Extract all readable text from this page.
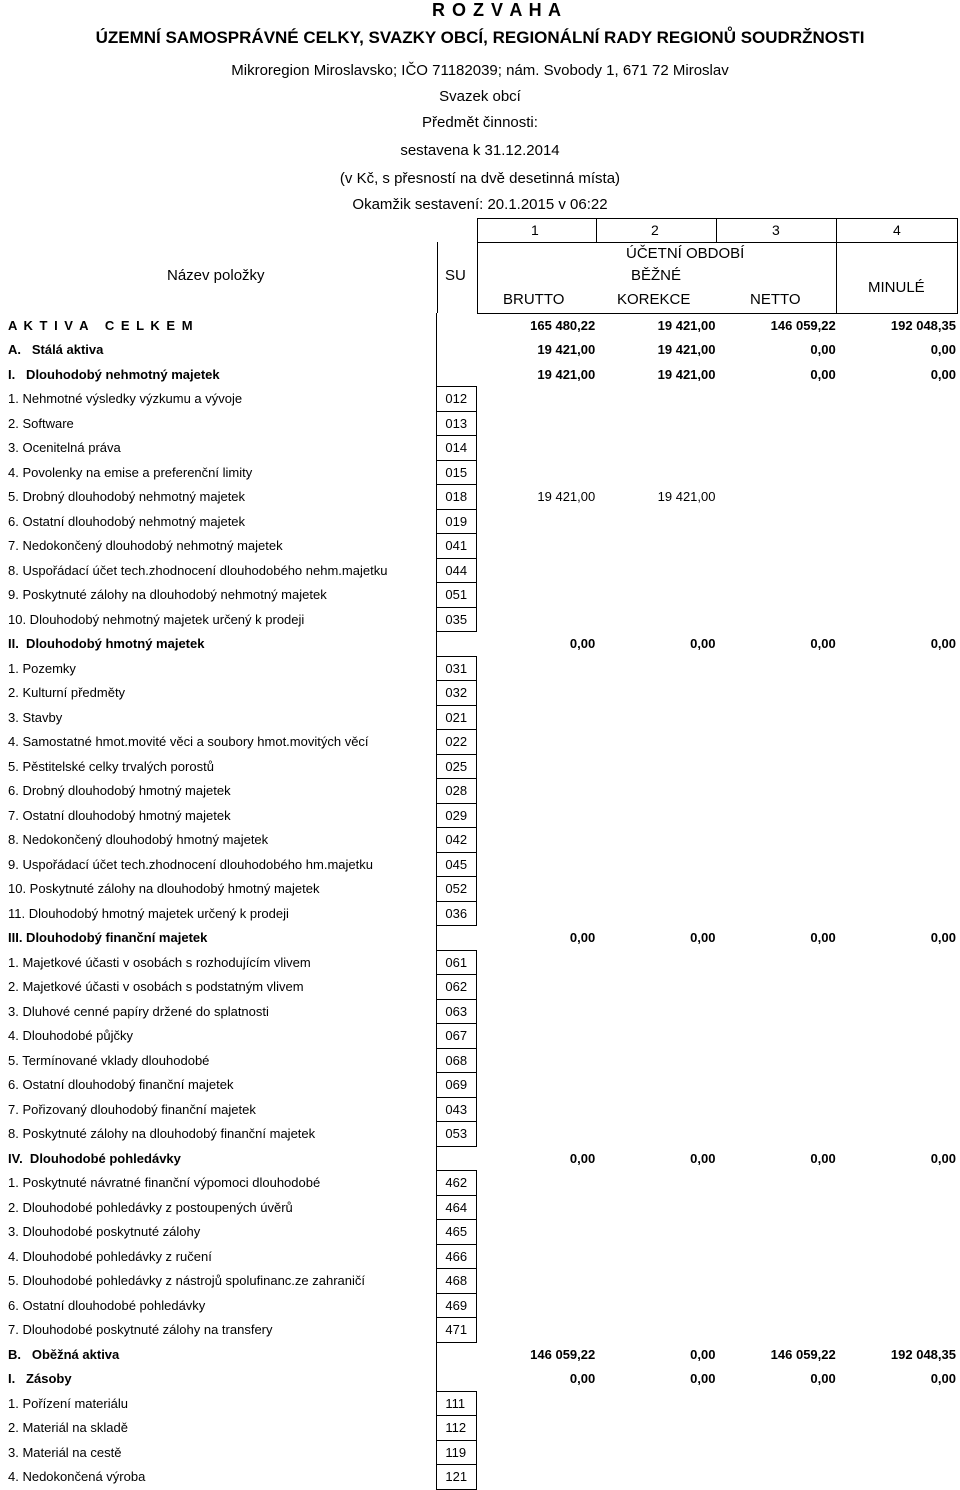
R O Z V A H A
ÚZEMNÍ SAMOSPRÁVNÉ CELKY, SVAZKY OBCÍ, REGIONÁLNÍ RADY REGIONŮ SOUDRŽNOSTI
Mikroregion Miroslavsko; IČO 71182039; nám. Svobody 1, 671 72 Miroslav
Svazek obcí
Předmět činnosti:
sestavena k 31.12.2014
(v Kč, s přesností na dvě desetinná místa)
Okamžik sestavení: 20.1.2015 v 06:22
1	2	3	4
Název položky	SU
ÚČETNÍ OBDOBÍ
BĚŽNÉ
MINULÉ
BRUTTO	KOREKCE	NETTO
A K T I V A   C E L K E M		165 480,22	19 421,00	146 059,22	192 048,35
A.   Stálá aktiva		19 421,00	19 421,00	0,00	0,00
I.   Dlouhodobý nehmotný majetek		19 421,00	19 421,00	0,00	0,00
1. Nehmotné výsledky výzkumu a vývoje	012				
2. Software	013				
3. Ocenitelná práva	014				
4. Povolenky na emise a preferenční limity	015				
5. Drobný dlouhodobý nehmotný majetek	018	19 421,00	19 421,00		
6. Ostatní dlouhodobý nehmotný majetek	019				
7. Nedokončený dlouhodobý nehmotný majetek	041				
8. Uspořádací účet tech.zhodnocení dlouhodobého nehm.majetku	044				
9. Poskytnuté zálohy na dlouhodobý nehmotný majetek	051				
10. Dlouhodobý nehmotný majetek určený k prodeji	035				
II.  Dlouhodobý hmotný majetek		0,00	0,00	0,00	0,00
1. Pozemky	031				
2. Kulturní předměty	032				
3. Stavby	021				
4. Samostatné hmot.movité věci a soubory hmot.movitých věcí	022				
5. Pěstitelské celky trvalých porostů	025				
6. Drobný dlouhodobý hmotný majetek	028				
7. Ostatní dlouhodobý hmotný majetek	029				
8. Nedokončený dlouhodobý hmotný majetek	042				
9. Uspořádací účet tech.zhodnocení dlouhodobého hm.majetku	045				
10. Poskytnuté zálohy na dlouhodobý hmotný majetek	052				
11. Dlouhodobý hmotný majetek určený k prodeji	036				
III. Dlouhodobý finanční majetek		0,00	0,00	0,00	0,00
1. Majetkové účasti v osobách s rozhodujícím vlivem	061				
2. Majetkové účasti v osobách s podstatným vlivem	062				
3. Dluhové cenné papíry držené do splatnosti	063				
4. Dlouhodobé půjčky	067				
5. Termínované vklady dlouhodobé	068				
6. Ostatní dlouhodobý finanční majetek	069				
7. Pořizovaný dlouhodobý finanční majetek	043				
8. Poskytnuté zálohy na dlouhodobý finanční majetek	053				
IV.  Dlouhodobé pohledávky		0,00	0,00	0,00	0,00
1. Poskytnuté návratné finanční výpomoci dlouhodobé	462				
2. Dlouhodobé pohledávky z postoupených úvěrů	464				
3. Dlouhodobé poskytnuté zálohy	465				
4. Dlouhodobé pohledávky z ručení	466				
5. Dlouhodobé pohledávky z nástrojů spolufinanc.ze zahraničí	468				
6. Ostatní dlouhodobé pohledávky	469				
7. Dlouhodobé poskytnuté zálohy na transfery	471				
B.   Oběžná aktiva		146 059,22	0,00	146 059,22	192 048,35
I.   Zásoby		0,00	0,00	0,00	0,00
1. Pořízení materiálu	111				
2. Materiál na skladě	112				
3. Materiál na cestě	119				
4. Nedokončená výroba	121				
